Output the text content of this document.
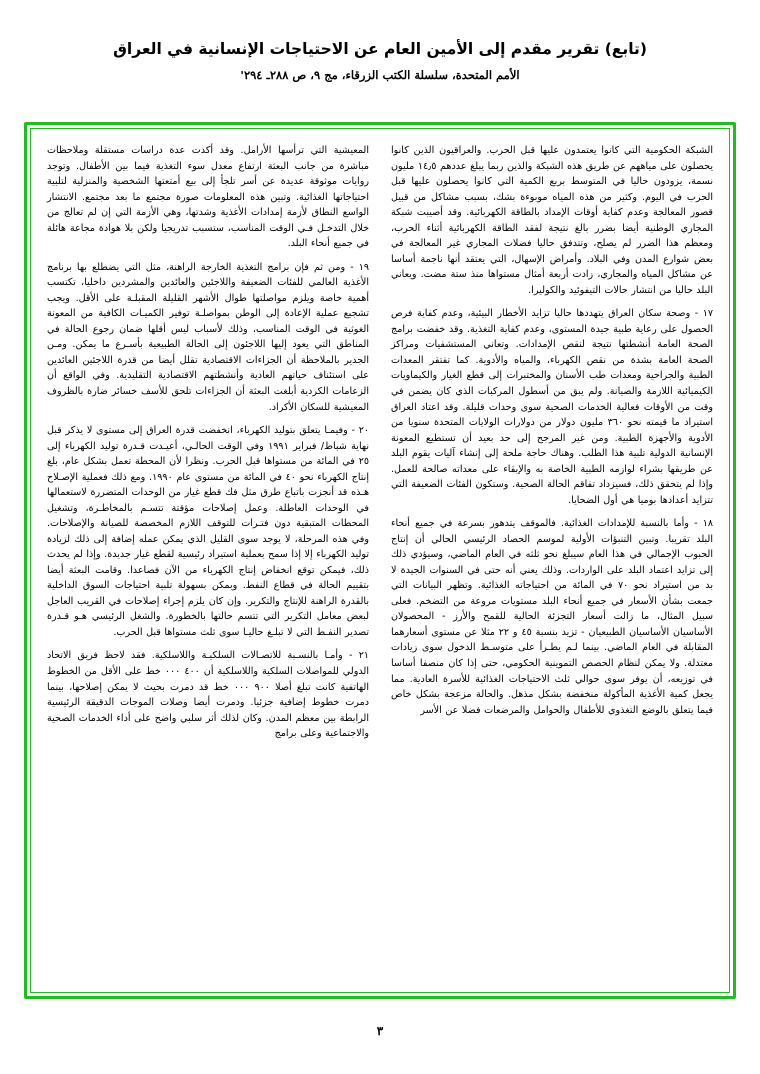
(تابع) تقرير مقدم إلى الأمين العام عن الاحتياجات الإنسانية في العراق
الأمم المتحدة، سلسلة الكتب الزرقاء، مج ٩، ص ٢٨٨ـ ٢٩٤'

الشبكة الحكومية التي كانوا يعتمدون عليها قبل الحرب. والعراقيون الذين كانوا يحصلون على مياههم عن طريق هذه الشبكة والذين ربما يبلغ عددهم ١٤٫٥ مليون نسمة، يزودون حاليا في المتوسط بربع الكمية التي كانوا يحصلون عليها قبل الحرب في اليوم. وكثير من هذه المياه موبوءة بشك، بسبب مشاكل من قبيل قصور المعالجة وعدم كفاية أوقات الإمداد بالطاقة الكهربائية. وقد أصيبت شبكة المجاري الوطنية أيضا بضرر بالغ نتيجة لفقد الطاقة الكهربائية أثناء الحرب، ومعظم هذا الضرر لم يصلح، وتتدفق حاليا فضلات المجاري غير المعالجة في بعض شوارع المدن وفي البلاد. وأمراض الإسهال، التي يعتقد أنها ناجمة أساسا عن مشاكل المياه والمجاري، زادت أربعة أمثال مستواها منذ ستة مضت. ويعاني البلد حاليا من انتشار حالات التيفوئيد والكوليرا.

١٧ - وصحة سكان العراق يتهددها حاليا تزايد الأخطار البيئية، وعدم كفاية فرص الحصول على رعاية طبية جيدة المستوى، وعدم كفاية التغذية. وقد خفضت برامج الصحة العامة أنشطتها نتيجة لنقص الإمدادات. وتعاني المستشفيات ومراكز الصحة العامة بشدة من نقص الكهرباء، والمياه والأدوية. كما تفتقر المعدات الطبية والجراحية ومعدات طب الأسنان والمختبرات إلى قطع الغيار والكيماويات الكيميائية اللازمة والصيانة. ولم يبق من أسطول المركبات الذي كان يضمن في وقت من الأوقات فعالية الخدمات الصحية سوى وحدات قليلة. وقد اعتاد العراق استيراد ما قيمته نحو ٣٦٠ مليون دولار من دولارات الولايات المتحدة سنويا من الأدوية والأجهزة الطبية. ومن غير المرجح إلى حد بعيد أن تستطيع المعونة الإنسانية الدولية تلبية هذا الطلب. وهناك حاجة ملحة إلى إنشاء آليات يقوم البلد عن طريقها بشراء لوازمه الطبية الخاصة به والإبقاء على معداته صالحة للعمل. وإذا لم يتحقق ذلك، فسيزداد تفاقم الحالة الصحية. وستكون الفئات الضعيفة التي تتزايد أعدادها بوميا هي أول الضحايا.

١٨ - وأما بالنسبة للإمدادات الغذائية. فالموقف يتدهور بسرعة في جميع أنحاء البلد تقريبا. وتبين التنبؤات الأولية لموسم الحصاد الرئيسي الحالي أن إنتاج الحبوب الإجمالي في هذا العام سيبلغ نحو ثلثه في العام الماضي، وسيؤدي ذلك إلى تزايد اعتماد البلد على الواردات. وذلك يعني أنه حتى في السنوات الجيدة لا بد من استيراد نحو ٧٠ في المائة من احتياجاته الغذائية. وتظهر البيانات التي جمعت بشأن الأسعار في جميع أنحاء البلد مستويات مروعة من التضخم. فعلى سبيل المثال، ما زالت أسعار التجزئة الحالية للقمح والأرز - المحصولان الأساسيان الأساسيان الطبيعيان - تزيد بنسبة ٤٥ و ٢٢ مثلا عن مستوى أسعارهما المقابلة في العام الماضي. بينما لـم يطـرأ على متوسـط الدخول سوى زيادات معتدلة. ولا يمكن لنظام الحصص التموينية الحكومي، حتى إذا كان منصفا أساسا في توزيعه، أن يوفر سوى حوالي ثلث الاحتياجات الغذائية للأسرة العادية. مما يجعل كمية الأغذية المأكولة منخفضة بشكل مذهل. والحالة مزعجة بشكل خاص فيما يتعلق بالوضع التغذوي للأطفال والحوامل والمرضعات فضلا عن الأسر

المعيشية التي ترأسها الأرامل. وقد أكدت عدة دراسات مستقلة وملاحظات مباشرة من جانب البعثة ارتفاع معدل سوء التغذية فيما بين الأطفال. وتوجد روايات موثوقة عديدة عن أسر تلجأ إلى بيع أمتعتها الشخصية والمنزلية لتلبية احتياجاتها الغذائية. وتبين هذه المعلومات صورة مجتمع ما بعد مجتمع. الانتشار الواسع النطاق لأزمة إمدادات الأغذية وشدتها، وهي الأزمة التي إن لم تعالج من خلال التدخـل فـي الوقت المناسب، ستسبب تدريجيا ولكن بلا هوادة مجاعة هائلة في جميع أنحاء البلد.

١٩ - ومن ثم فإن برامج التغذية الخارجة الراهنة، مثل التي يضطلع بها برنامج الأغذية العالمي للفئات الضعيفة واللاجئين والعائدين والمشردين داخليا، تكتسب أهمية خاصة ويلزم مواصلتها طوال الأشهر القليلة المقبلـة على الأقل. ويجب تشجيع عملية الإعادة إلى الوطن بمواصلـة توفير الكميـات الكافية من المعونة الغوثية في الوقت المناسب، وذلك لأسباب ليس أقلها ضمان رجوع الحالة في المناطق التي يعود إليها اللاجئون إلى الحالة الطبيعية بأسـرع ما يمكن. ومـن الجدير بالملاحظة أن الجزاءات الاقتصادية تقلل أيضا من قدرة اللاجئين العائدين على استئناف حياتهم العادية وأنشطتهم الاقتصادية التقليدية. وفي الواقع أن الزعامات الكردية أبلغت البعثة أن الجزاءات تلحق للأسف خسائر ضارة بالظروف المعيشية للسكان الأكراد.

٢٠ - وفيمـا يتعلق بتوليد الكهرباء، انخفضت قدرة العراق إلى مستوى لا يذكر قبل نهاية شباط/ فبراير ١٩٩١ وفي الوقت الحالـي، أعيـدت قـدرة توليد الكهرباء إلى ٢٥ في المائة من مستواها قبل الحرب. ونظرا لأن المحطة تعمل بشكل عام، بلغ إنتاج الكهرباء نحو ٤٠ في المائة من مستوى عام ١٩٩٠. ومع ذلك فعملية الإصـلاح هـذه قد أنجزت باتباع طرق مثل فك قطع غيار من الوحدات المتضررة لاستعمالها في الوحدات العاطلة. وعمل إصلاحات مؤقتة تتسـم بالمخاطـرة، وتشغيل المحطات المتبقية دون فتـرات للتوقف اللازم المخصصة للصيانة والإصلاحات. وفي هذه المرحلة، لا يوجد سوى القليل الذي يمكن عمله إضافة إلى ذلك لزيادة توليد الكهرباء إلا إذا سمح بعملية استيراد رئيسية لقطع غيار جديدة. وإذا لم يحدث ذلك، فيمكن توقع انخفاض إنتاج الكهرباء من الآن فصاعدا. وقامت البعثة أيضا بتقييم الحالة في قطاع النفط. وبمكن بسهولة تلبية احتياجات السوق الداخلية بالقدرة الراهنة للإنتاج والتكرير. وإن كان يلزم إجراء إصلاحات في القريب العاجل لبعض معامل التكرير التي تتسم حالتها بالخطورة. والشغل الرئيسي هـو قـدرة تصدير النفـط التي لا تبلـغ حاليـا سوى ثلث مستواها قبل الحرب.

٢١ - وأمـا بالنسـبة للاتصـالات السلكيـة واللاسلكية. فقد لاحظ فريق الاتحاد الدولي للمواصلات السلكية واللاسلكية أن ٤٠٠ ٠٠٠ خط على الأقل من الخطوط الهاتفية كانت تبلغ أصلا ٩٠٠ ٠٠٠ خط قد دمرت بحيث لا يمكن إصلاحها، بينما دمرت خطوط إضافية جزئيا. ودمرت أيضا وصلات الموجات الدقيقة الرئيسية الرابطة بين معظم المدن. وكان لذلك أثر سلبي واضح على أداء الخدمات الصحية والاجتماعية وعلى برامج

٣
